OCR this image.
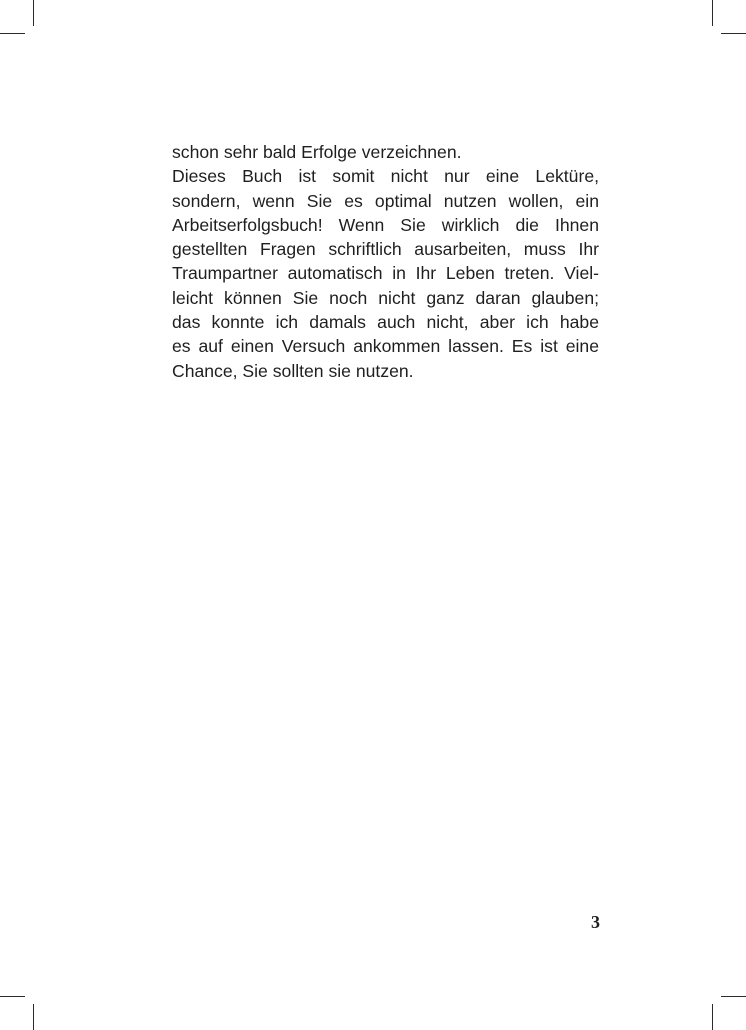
schon sehr bald Erfolge verzeichnen.
Dieses Buch ist somit nicht nur eine Lektüre,
sondern, wenn Sie es optimal nutzen wollen, ein
Arbeitserfolgsbuch! Wenn Sie wirklich die Ihnen
gestellten Fragen schriftlich ausarbeiten, muss Ihr
Traumpartner automatisch in Ihr Leben treten. Viel-
leicht können Sie noch nicht ganz daran glauben;
das konnte ich damals auch nicht, aber ich habe
es auf einen Versuch ankommen lassen. Es ist eine
Chance, Sie sollten sie nutzen.
3
